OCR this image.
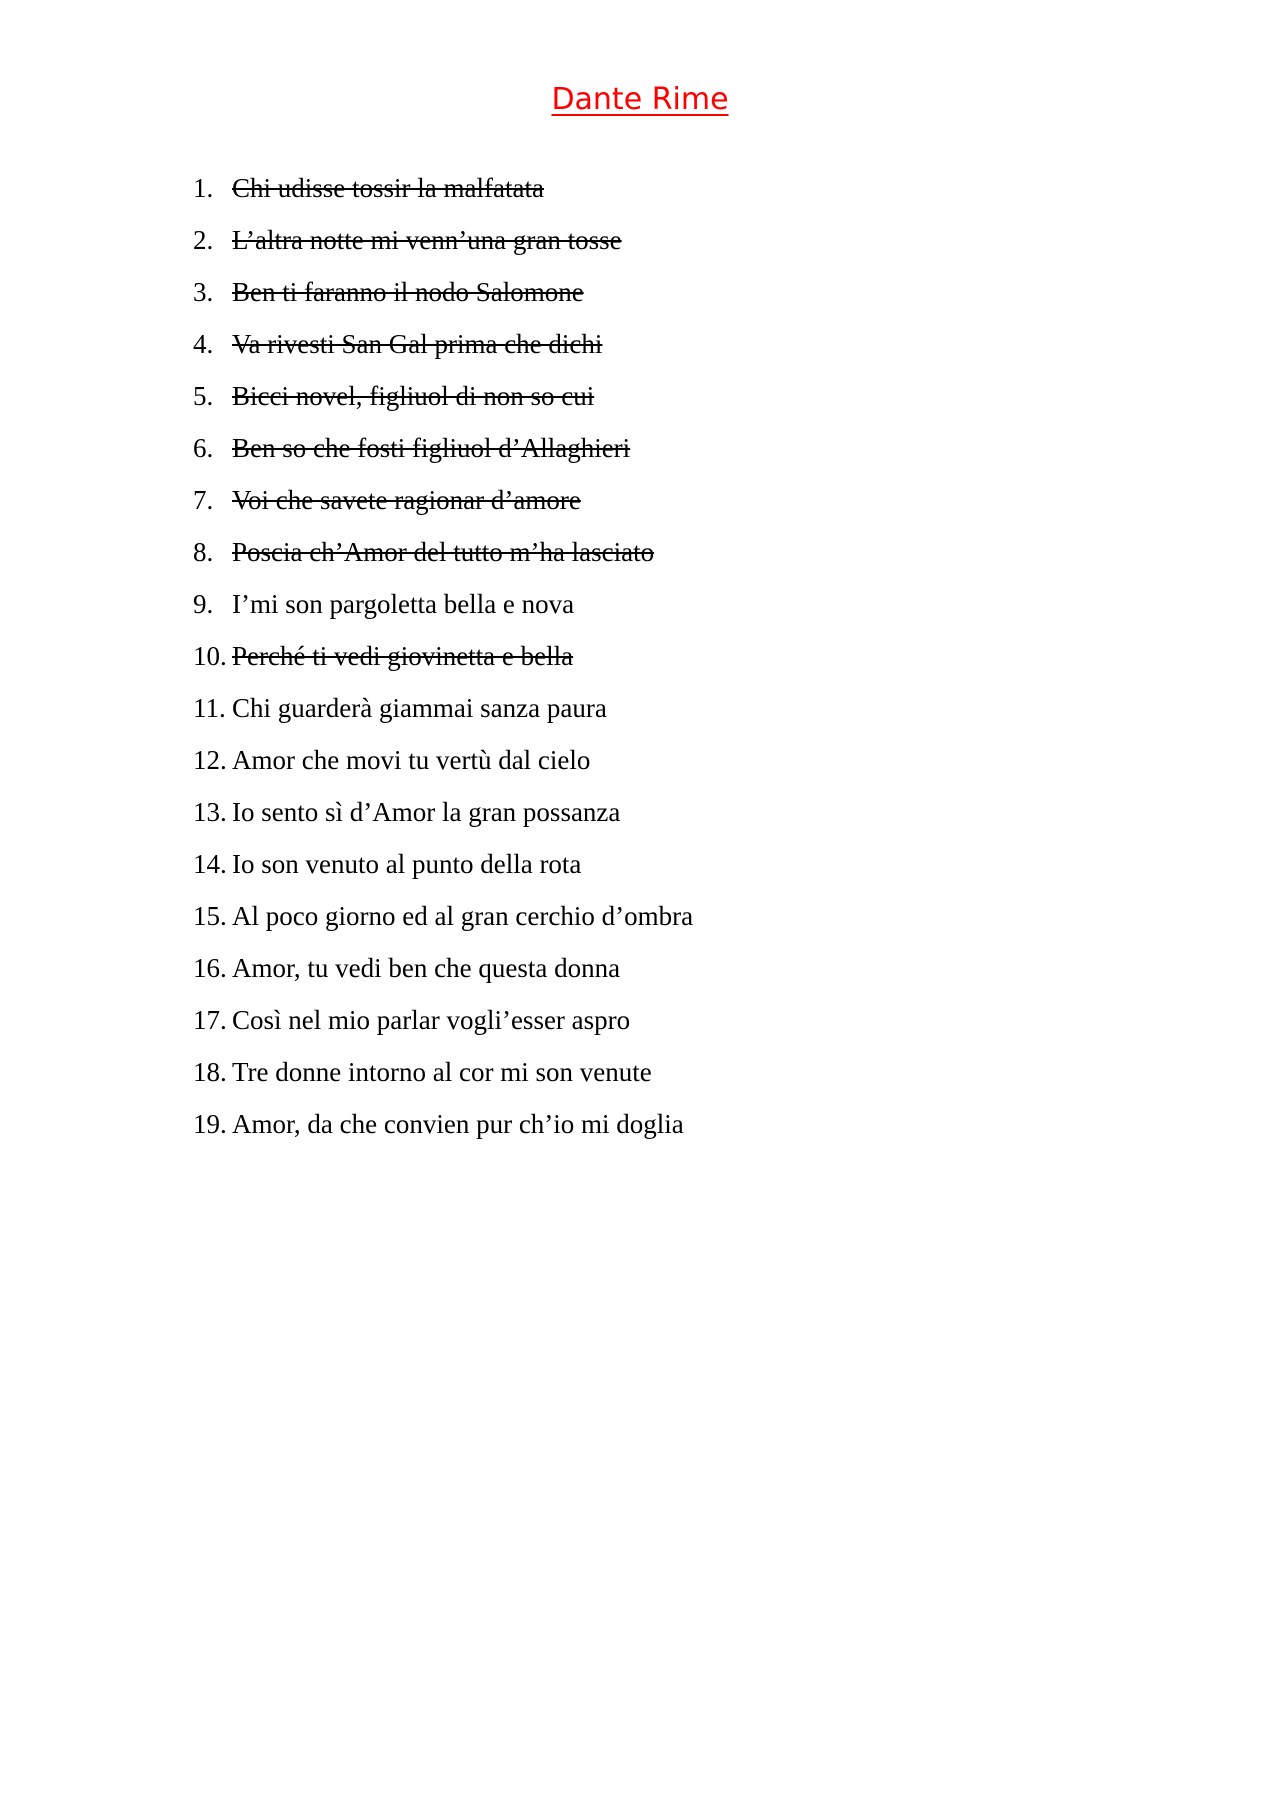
Dante Rime
1. Chi udisse tossir la malfatata
2. L’altra notte mi venn’una gran tosse
3. Ben ti faranno il nodo Salomone
4. Va rivesti San Gal prima che dichi
5. Bicci novel, figliuol di non so cui
6. Ben so che fosti figliuol d’Allaghieri
7. Voi che savete ragionar d’amore
8. Poscia ch’Amor del tutto m’ha lasciato
9. I’mi son pargoletta bella e nova
10. Perché ti vedi giovinetta e bella
11. Chi guarderà giammai sanza paura
12. Amor che movi tu vertù dal cielo
13. Io sento sì d’Amor la gran possanza
14. Io son venuto al punto della rota
15. Al poco giorno ed al gran cerchio d’ombra
16. Amor, tu vedi ben che questa donna
17. Così nel mio parlar vogli’esser aspro
18. Tre donne intorno al cor mi son venute
19. Amor, da che convien pur ch’io mi doglia
